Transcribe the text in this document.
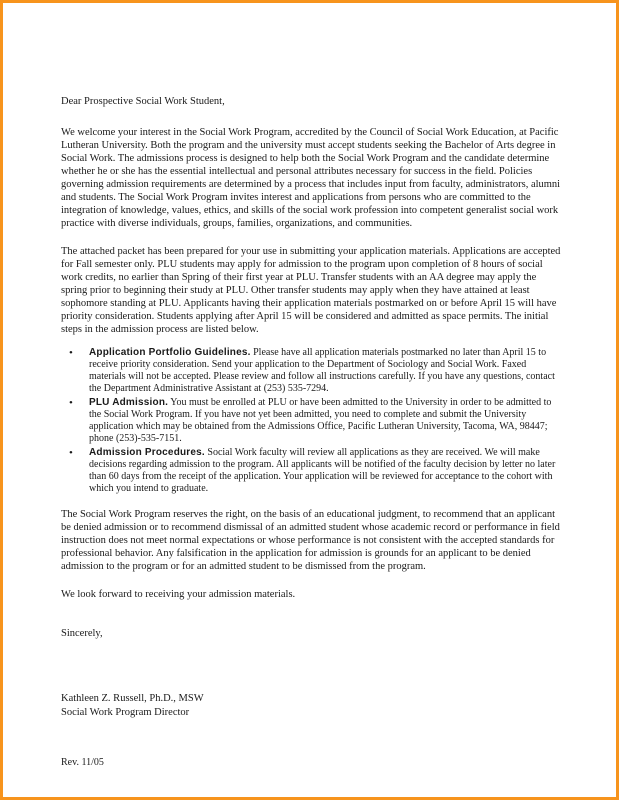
Dear Prospective Social Work Student,

We welcome your interest in the Social Work Program, accredited by the Council of Social Work Education, at Pacific Lutheran University. Both the program and the university must accept students seeking the Bachelor of Arts degree in Social Work. The admissions process is designed to help both the Social Work Program and the candidate determine whether he or she has the essential intellectual and personal attributes necessary for success in the field. Policies governing admission requirements are determined by a process that includes input from faculty, administrators, alumni and students. The Social Work Program invites interest and applications from persons who are committed to the integration of knowledge, values, ethics, and skills of the social work profession into competent generalist social work practice with diverse individuals, groups, families, organizations, and communities.

The attached packet has been prepared for your use in submitting your application materials. Applications are accepted for Fall semester only. PLU students may apply for admission to the program upon completion of 8 hours of social work credits, no earlier than Spring of their first year at PLU. Transfer students with an AA degree may apply the spring prior to beginning their study at PLU. Other transfer students may apply when they have attained at least sophomore standing at PLU. Applicants having their application materials postmarked on or before April 15 will have priority consideration. Students applying after April 15 will be considered and admitted as space permits. The initial steps in the admission process are listed below.

• Application Portfolio Guidelines. Please have all application materials postmarked no later than April 15 to receive priority consideration. Send your application to the Department of Sociology and Social Work. Faxed materials will not be accepted. Please review and follow all instructions carefully. If you have any questions, contact the Department Administrative Assistant at (253) 535-7294.
• PLU Admission. You must be enrolled at PLU or have been admitted to the University in order to be admitted to the Social Work Program. If you have not yet been admitted, you need to complete and submit the University application which may be obtained from the Admissions Office, Pacific Lutheran University, Tacoma, WA, 98447; phone (253)-535-7151.
• Admission Procedures. Social Work faculty will review all applications as they are received. We will make decisions regarding admission to the program. All applicants will be notified of the faculty decision by letter no later than 60 days from the receipt of the application. Your application will be reviewed for acceptance to the cohort with which you intend to graduate.

The Social Work Program reserves the right, on the basis of an educational judgment, to recommend that an applicant be denied admission or to recommend dismissal of an admitted student whose academic record or performance in field instruction does not meet normal expectations or whose performance is not consistent with the accepted standards for professional behavior. Any falsification in the application for admission is grounds for an applicant to be denied admission to the program or for an admitted student to be dismissed from the program.

We look forward to receiving your admission materials.

Sincerely,
Kathleen Z. Russell, Ph.D., MSW
Social Work Program Director
Rev. 11/05
